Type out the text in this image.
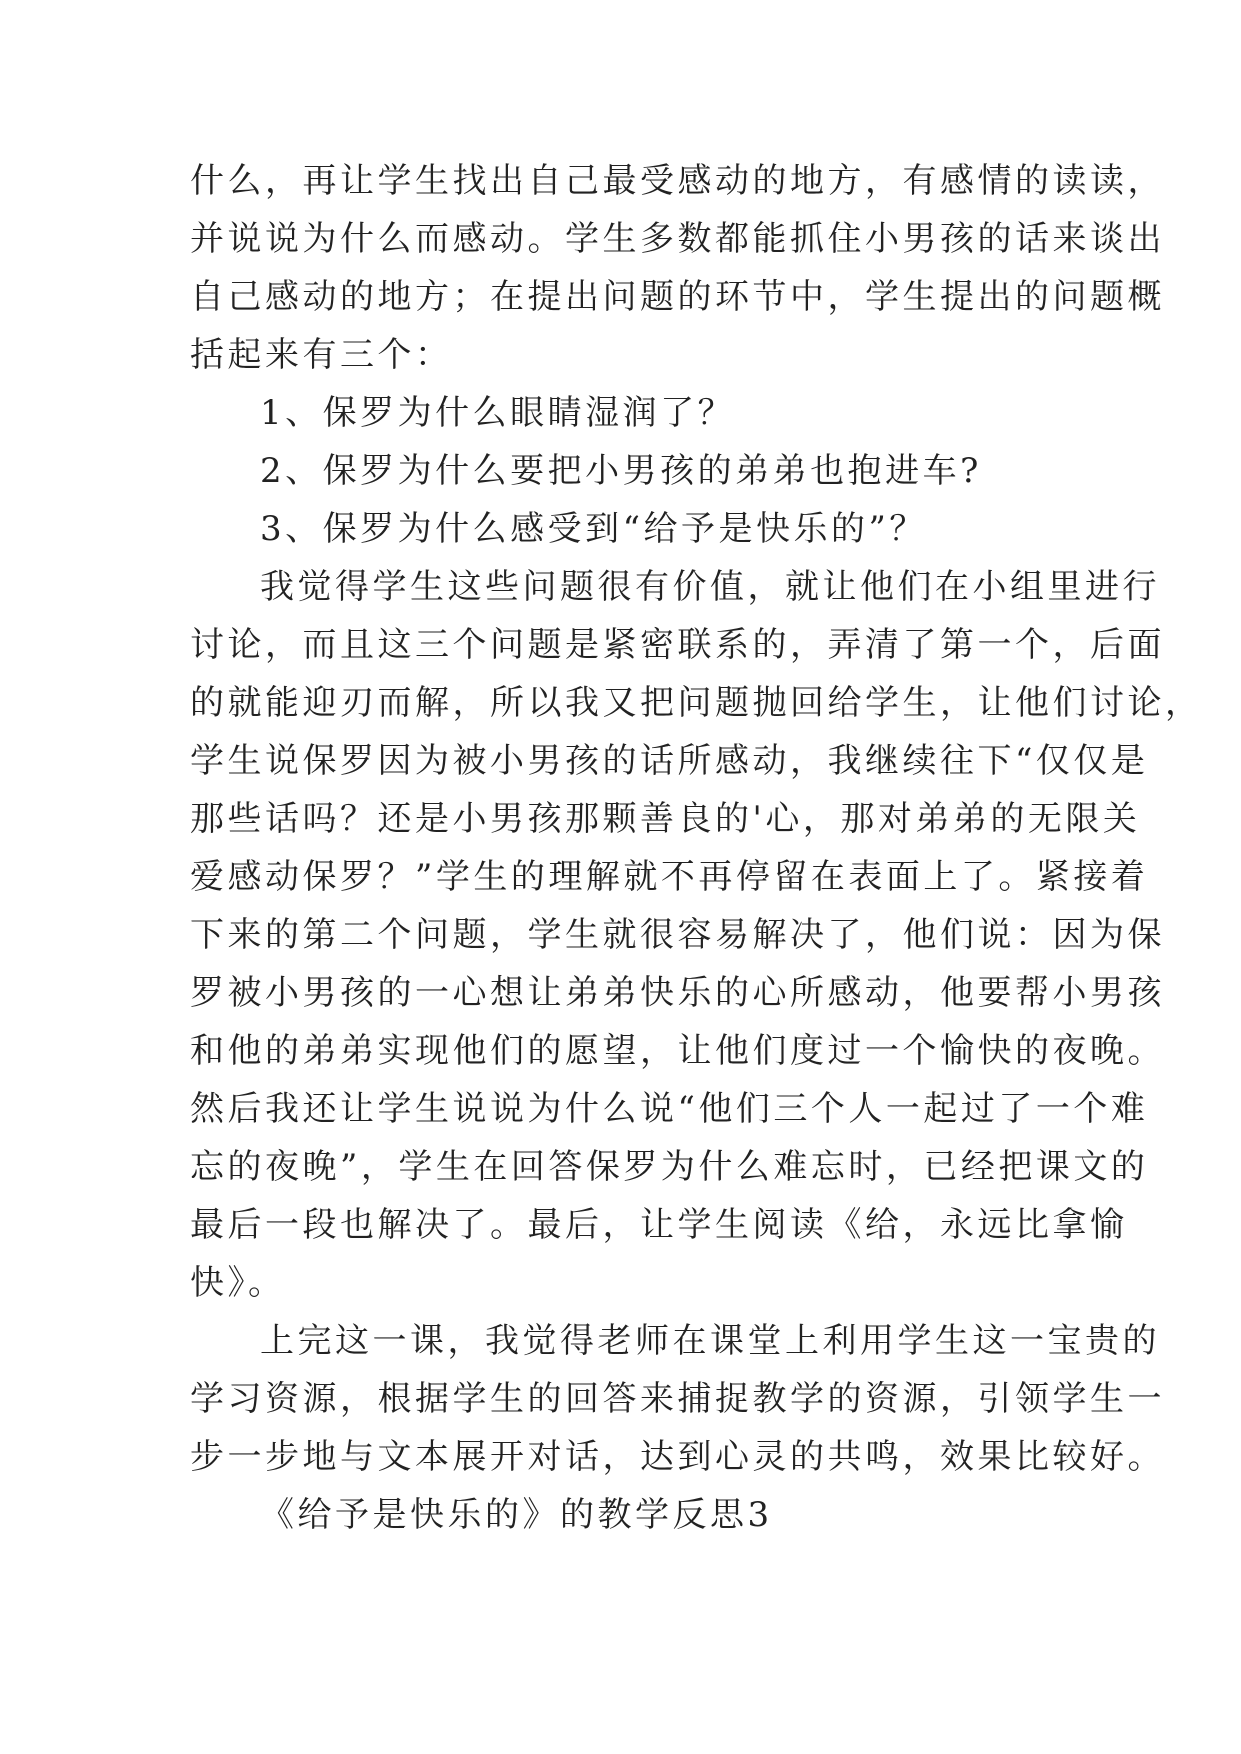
什么，再让学生找出自己最受感动的地方，有感情的读读，
并说说为什么而感动。学生多数都能抓住小男孩的话来谈出
自己感动的地方；在提出问题的环节中，学生提出的问题概
括起来有三个：
1、保罗为什么眼睛湿润了？
2、保罗为什么要把小男孩的弟弟也抱进车?
3、保罗为什么感受到“给予是快乐的”？
我觉得学生这些问题很有价值，就让他们在小组里进行
讨论，而且这三个问题是紧密联系的，弄清了第一个，后面
的就能迎刃而解，所以我又把问题抛回给学生，让他们讨论，
学生说保罗因为被小男孩的话所感动，我继续往下“仅仅是
那些话吗？还是小男孩那颗善良的'心，那对弟弟的无限关
爱感动保罗？”学生的理解就不再停留在表面上了。紧接着
下来的第二个问题，学生就很容易解决了，他们说：因为保
罗被小男孩的一心想让弟弟快乐的心所感动，他要帮小男孩
和他的弟弟实现他们的愿望，让他们度过一个愉快的夜晚。
然后我还让学生说说为什么说“他们三个人一起过了一个难
忘的夜晚”，学生在回答保罗为什么难忘时，已经把课文的
最后一段也解决了。最后，让学生阅读《给，永远比拿愉
快》。
上完这一课，我觉得老师在课堂上利用学生这一宝贵的
学习资源，根据学生的回答来捕捉教学的资源，引领学生一
步一步地与文本展开对话，达到心灵的共鸣，效果比较好。
《给予是快乐的》的教学反思3
